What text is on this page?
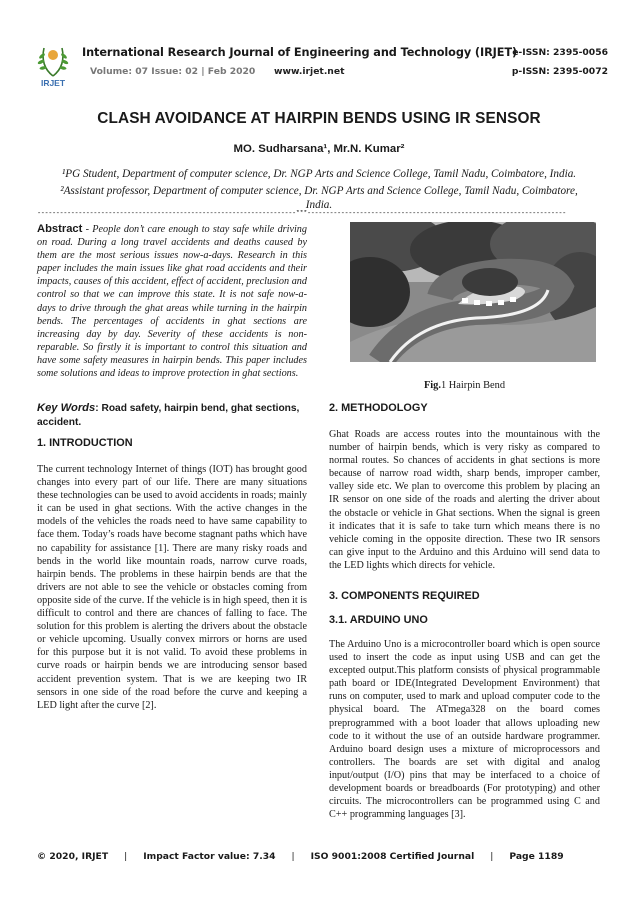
IRJET
International Research Journal of Engineering and Technology (IRJET)
Volume: 07 Issue: 02 | Feb 2020 www.irjet.net
e-ISSN: 2395-0056
p-ISSN: 2395-0072
CLASH AVOIDANCE AT HAIRPIN BENDS USING IR SENSOR
MO. Sudharsana¹, Mr.N. Kumar²
¹PG Student, Department of computer science, Dr. NGP Arts and Science College, Tamil Nadu, Coimbatore, India.
²Assistant professor, Department of computer science, Dr. NGP Arts and Science College, Tamil Nadu, Coimbatore, India.
---------------------------------------------------------------------***---------------------------------------------------------------------
Abstract - People don’t care enough to stay safe while driving on road. During a long travel accidents and deaths caused by them are the most serious issues now-a-days. Research in this paper includes the main issues like ghat road accidents and their impacts, causes of this accident, effect of accident, preclusion and control so that we can improve this state. It is not safe now-a-days to drive through the ghat areas while turning in the hairpin bends. The percentages of accidents in ghat sections are increasing day by day. Severity of these accidents is non-reparable. So firstly it is important to control this situation and have some safety measures in hairpin bends. This paper includes some solutions and ideas to improve protection in ghat sections.
Key Words: Road safety, hairpin bend, ghat sections, accident.
1. INTRODUCTION
The current technology Internet of things (IOT) has brought good changes into every part of our life. There are many situations these technologies can be used to avoid accidents in roads; mainly it can be used in ghat sections. With the active changes in the models of the vehicles the roads need to have same capability to face them. Today’s roads have become stagnant paths which have no capability for assistance [1]. There are many risky roads and bends in the world like mountain roads, narrow curve roads, hairpin bends. The problems in these hairpin bends are that the drivers are not able to see the vehicle or obstacles coming from opposite side of the curve. If the vehicle is in high speed, then it is difficult to control and there are chances of falling to face. The solution for this problem is alerting the drivers about the obstacle or vehicle upcoming. Usually convex mirrors or horns are used for this purpose but it is not valid. To avoid these problems in curve roads or hairpin bends we are introducing sensor based accident prevention system. That is we are keeping two IR sensors in one side of the road before the curve and keeping a LED light after the curve [2].
Fig.1 Hairpin Bend
2. METHODOLOGY
Ghat Roads are access routes into the mountainous with the number of hairpin bends, which is very risky as compared to normal routes. So chances of accidents in ghat sections is more because of narrow road width, sharp bends, improper camber, valley side etc. We plan to overcome this problem by placing an IR sensor on one side of the roads and alerting the driver about the obstacle or vehicle in Ghat sections. When the signal is green it indicates that it is safe to take turn which means there is no vehicle coming in the opposite direction. These two IR sensors can give input to the Arduino and this Arduino will send data to the LED lights which directs for vehicle.
3. COMPONENTS REQUIRED
3.1. ARDUINO UNO
The Arduino Uno is a microcontroller board which is open source used to insert the code as input using USB and can get the excepted output.This platform consists of physical programmable path board or IDE(Integrated Development Environment) that runs on computer, used to mark and upload computer code to the physical board. The ATmega328 on the board comes preprogrammed with a boot loader that allows uploading new code to it without the use of an outside hardware programmer. Arduino board design uses a mixture of microprocessors and controllers. The boards are set with digital and analog input/output (I/O) pins that may be interfaced to a choice of development boards or breadboards (For prototyping) and other circuits. The microcontrollers can be programmed using C and C++ programming languages [3].
© 2020, IRJET | Impact Factor value: 7.34 | ISO 9001:2008 Certified Journal | Page 1189
